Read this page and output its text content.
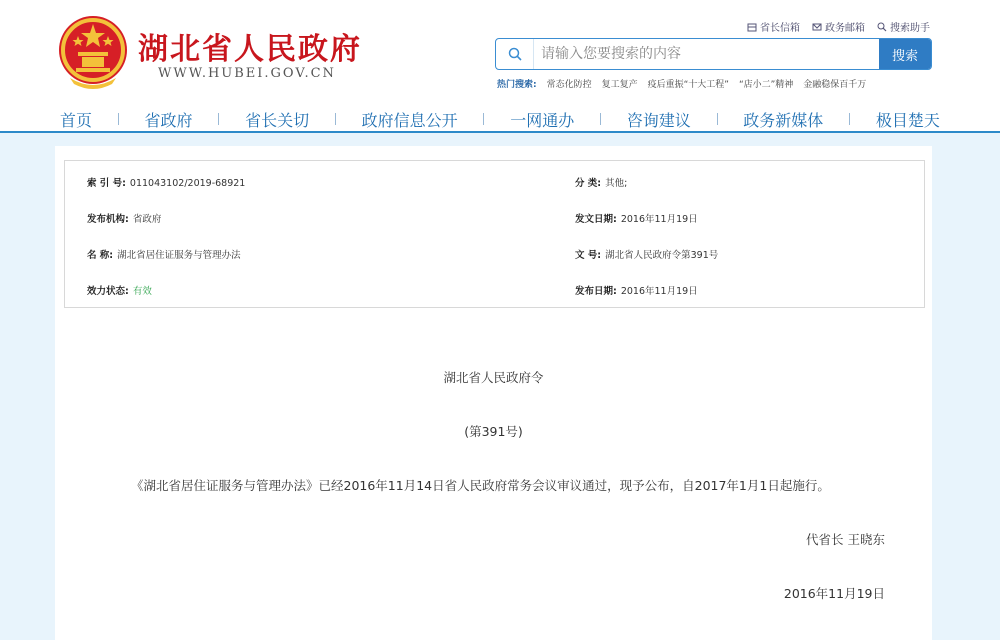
湖北省人民政府
WWW.HUBEI.GOV.CN
省长信箱	政务邮箱	搜索助手
请输入您要搜索的内容
搜索
热门搜索: 常态化防控 复工复产 疫后重振“十大工程” “店小二”精神 金融稳保百千万
首页	省政府	省长关切	政府信息公开	一网通办	咨询建议	政务新媒体	极目楚天
索 引 号: 011043102/2019-68921	分 类: 其他;
发布机构: 省政府	发文日期: 2016年11月19日
名 称: 湖北省居住证服务与管理办法	文 号: 湖北省人民政府令第391号
效力状态: 有效	发布日期: 2016年11月19日
湖北省人民政府令
(第391号)
《湖北省居住证服务与管理办法》已经2016年11月14日省人民政府常务会议审议通过，现予公布，自2017年1月1日起施行。
代省长 王晓东
2016年11月19日
